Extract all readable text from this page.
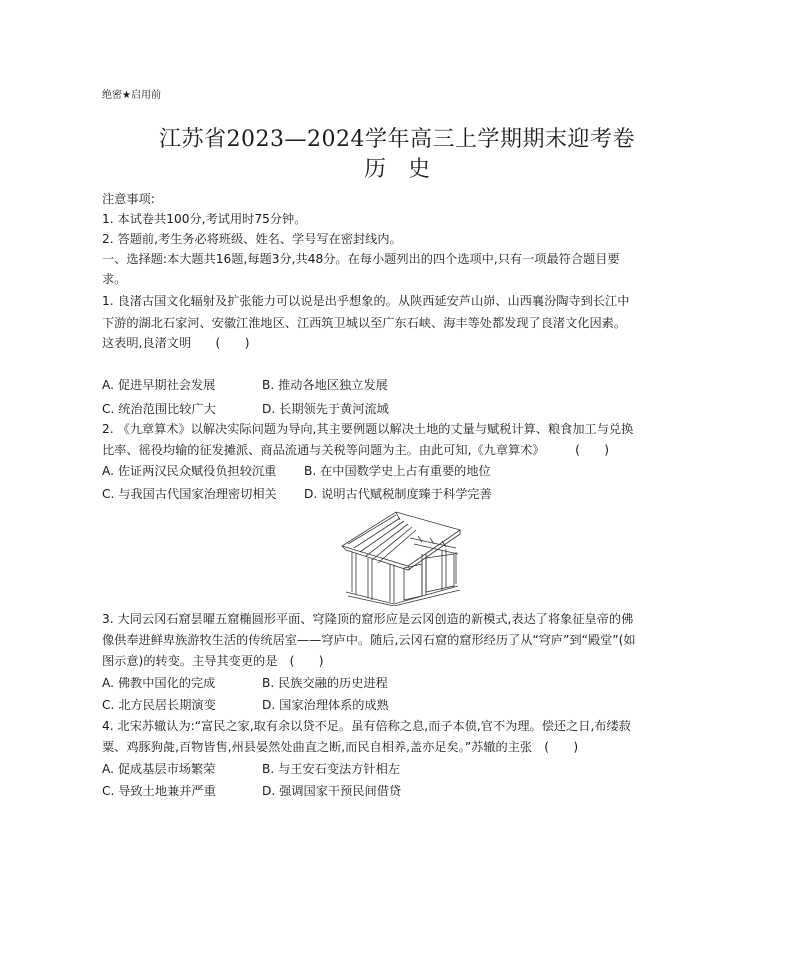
绝密★启用前
江苏省2023—2024学年高三上学期期末迎考卷
历　史
注意事项:
1. 本试卷共100分,考试用时75分钟。
2. 答题前,考生务必将班级、姓名、学号写在密封线内。
一、选择题:本大题共16题,每题3分,共48分。在每小题列出的四个选项中,只有一项最符合题目要
求。
1. 良渚古国文化辐射及扩张能力可以说是出乎想象的。从陕西延安芦山峁、山西襄汾陶寺到长江中
下游的湖北石家河、安徽江淮地区、江西筑卫城以至广东石峡、海丰等处都发现了良渚文化因素。
这表明,良渚文明　　(　　)
A. 促进早期社会发展	B. 推动各地区独立发展
C. 统治范围比较广大	D. 长期领先于黄河流域
2. 《九章算术》以解决实际问题为导向,其主要例题以解决土地的丈量与赋税计算、粮食加工与兑换
比率、徭役均输的征发摊派、商品流通与关税等问题为主。由此可知,《九章算术》　　　(　　)
A. 佐证两汉民众赋役负担较沉重 B. 在中国数学史上占有重要的地位
C. 与我国古代国家治理密切相关 D. 说明古代赋税制度臻于科学完善
3. 大同云冈石窟昙曜五窟椭圆形平面、穹隆顶的窟形应是云冈创造的新模式,表达了将象征皇帝的佛
像供奉进鲜卑族游牧生活的传统居室——穹庐中。随后,云冈石窟的窟形经历了从“穹庐”到“殿堂”(如
图示意)的转变。主导其变更的是　(　　)
A. 佛教中国化的完成	B. 民族交融的历史进程
C. 北方民居长期演变	D. 国家治理体系的成熟
4. 北宋苏辙认为:“富民之家,取有余以贷不足。虽有倍称之息,而子本偾,官不为理。偿还之日,布缕菽
粟、鸡豚狗彘,百物皆售,州县晏然处曲直之断,而民自相养,盖亦足矣。”苏辙的主张　(　　)
A. 促成基层市场繁荣	B. 与王安石变法方针相左
C. 导致土地兼并严重	D. 强调国家干预民间借贷
